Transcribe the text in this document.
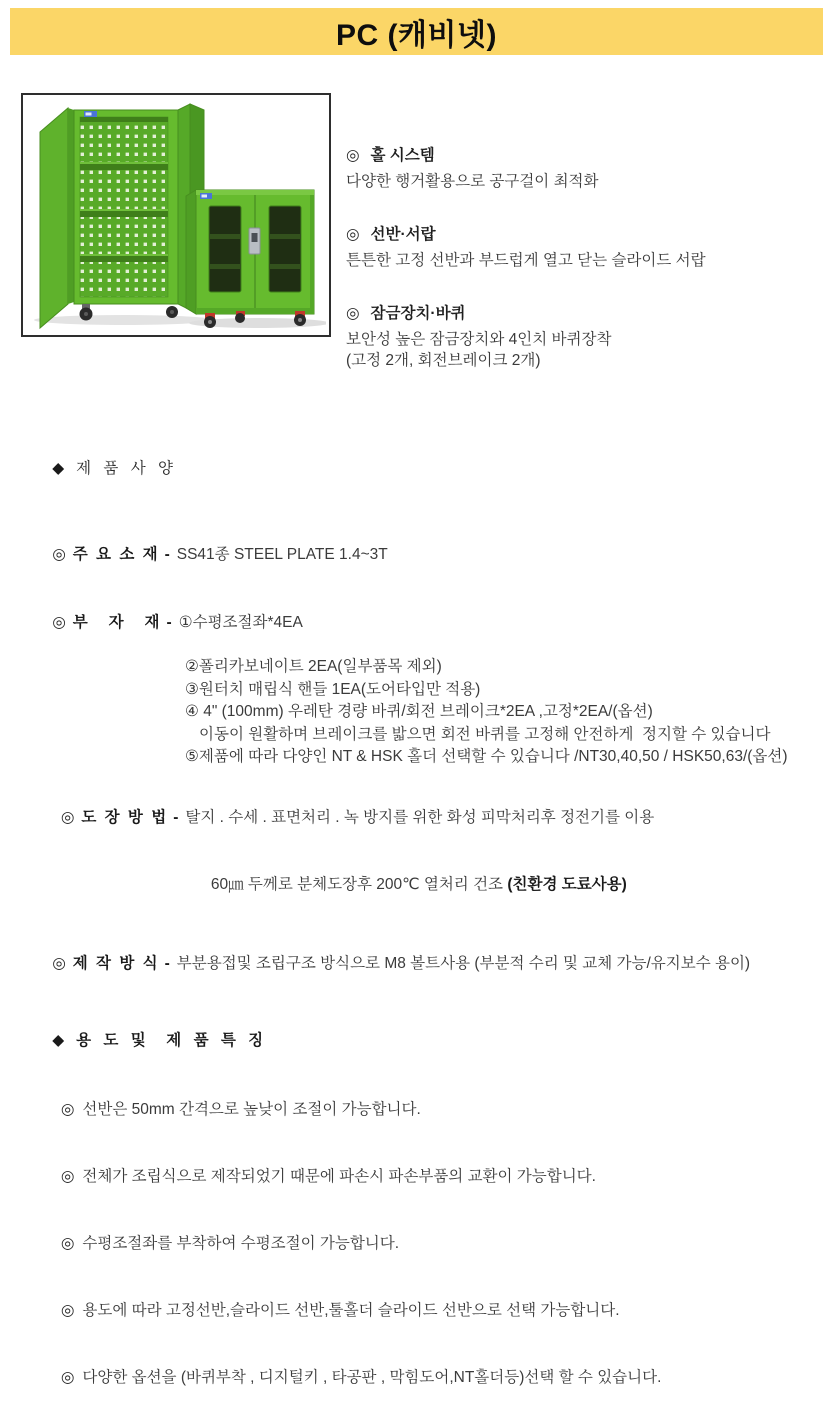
PC (캐비넷)
◎ 홀 시스템
다양한 행거활용으로 공구걸이 최적화
◎ 선반·서랍
튼튼한 고정 선반과 부드럽게 열고 닫는 슬라이드 서랍
◎ 잠금장치·바퀴
보안성 높은 잠금장치와 4인치 바퀴장착
(고정 2개, 회전브레이크 2개)

◆ 제 품 사 양

◎ 주 요 소 재 - SS41종 STEEL PLATE 1.4~3T

◎ 부   자   재 - ①수평조절좌*4EA

②폴리카보네이트 2EA(일부품목 제외)
③원터치 매립식 핸들 1EA(도어타입만 적용)
④ 4" (100mm) 우레탄 경량 바퀴/회전 브레이크*2EA ,고정*2EA/(옵션)
이동이 원활하며 브레이크를 밟으면 회전 바퀴를 고정해 안전하게  정지할 수 있습니다
⑤제품에 따라 다양인 NT & HSK 홀더 선택할 수 있습니다 /NT30,40,50 / HSK50,63/(옵션)

◎ 도 장 방 법 - 탈지 . 수세 . 표면처리 . 녹 방지를 위한 화성 피막처리후 정전기를 이용

60㎛ 두께로 분체도장후 200℃ 열처리 건조 (친환경 도료사용)

◎ 제 작 방 식 - 부분용접및 조립구조 방식으로 M8 볼트사용 (부분적 수리 및 교체 가능/유지보수 용이)

◆ 용 도 및  제 품 특 징

◎ 선반은 50mm 간격으로 높낮이 조절이 가능합니다.

◎ 전체가 조립식으로 제작되었기 때문에 파손시 파손부품의 교환이 가능합니다.

◎ 수평조절좌를 부착하여 수평조절이 가능합니다.

◎ 용도에 따라 고정선반,슬라이드 선반,툴홀더 슬라이드 선반으로 선택 가능합니다.

◎ 다양한 옵션을 (바퀴부착 , 디지털키 , 타공판 , 막힘도어,NT홀더등)선택 할 수 있습니다.
